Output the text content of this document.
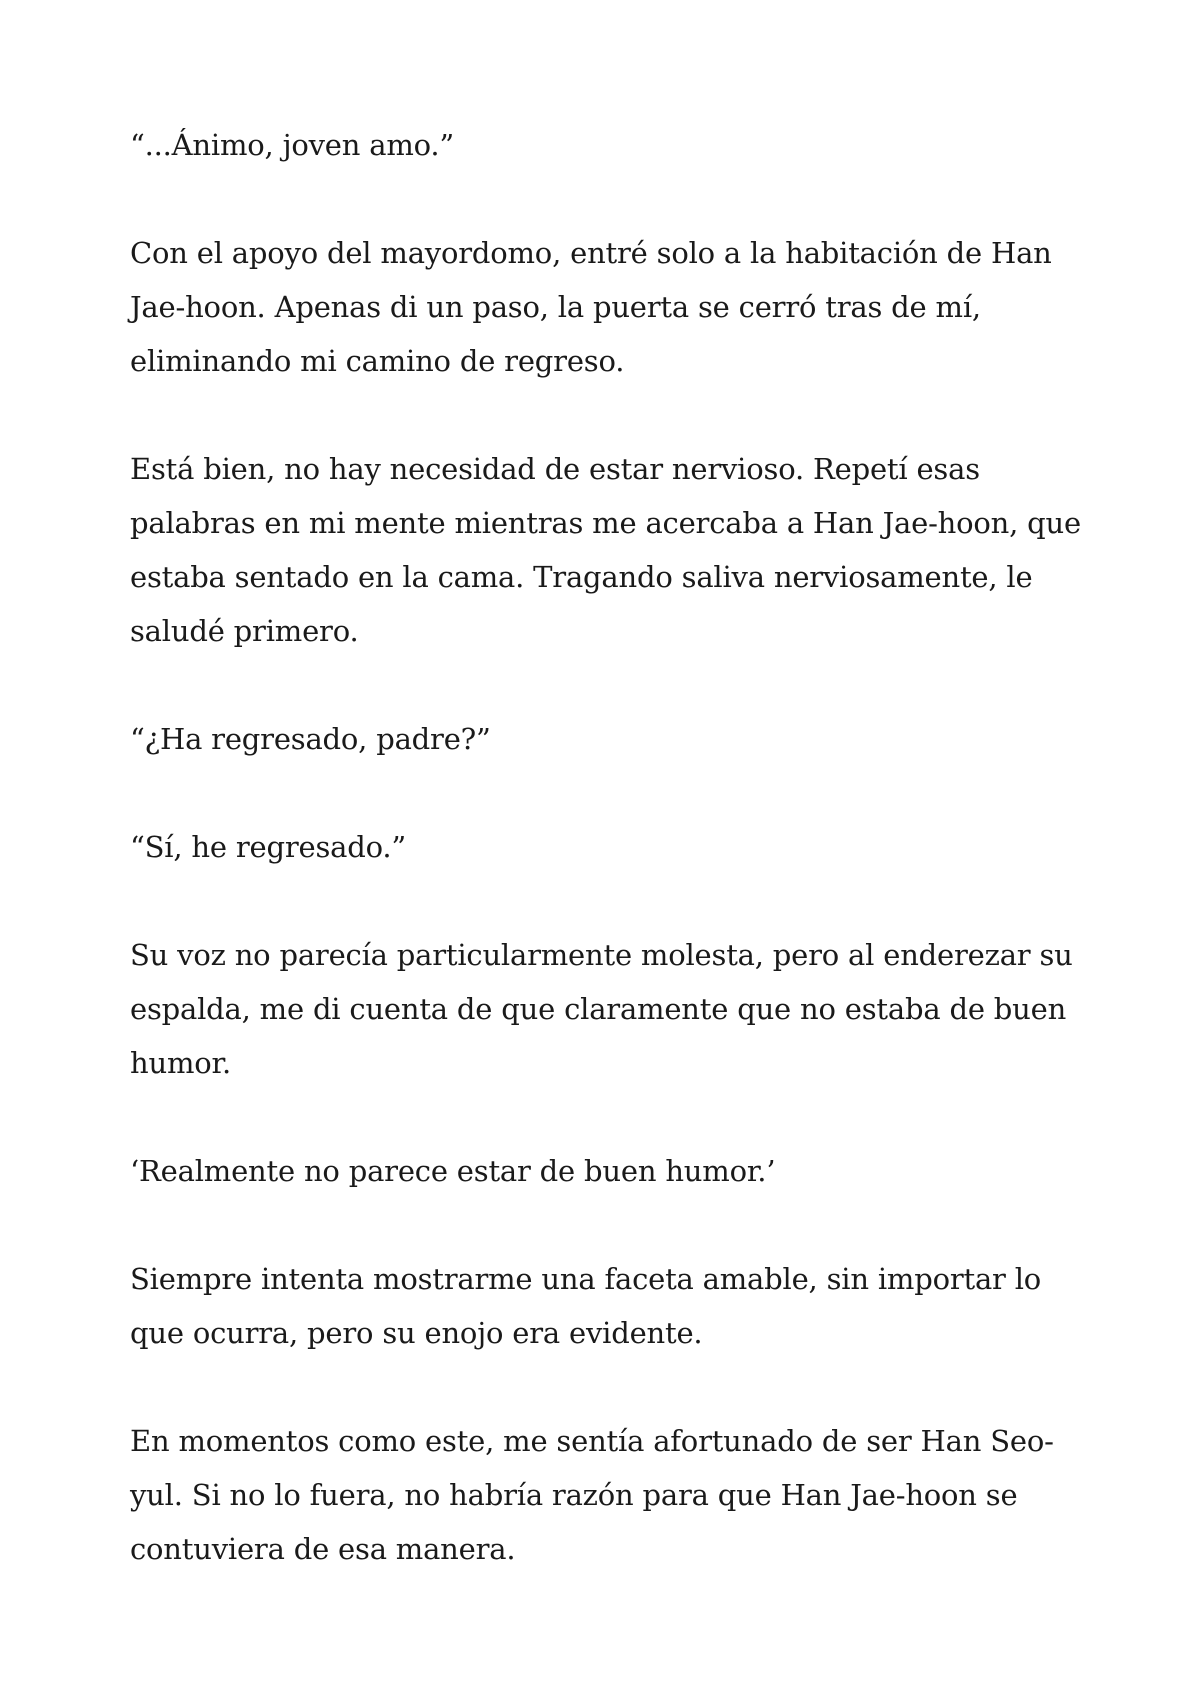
“...Ánimo, joven amo.”

Con el apoyo del mayordomo, entré solo a la habitación de Han Jae-hoon. Apenas di un paso, la puerta se cerró tras de mí, eliminando mi camino de regreso.

Está bien, no hay necesidad de estar nervioso. Repetí esas palabras en mi mente mientras me acercaba a Han Jae-hoon, que estaba sentado en la cama. Tragando saliva nerviosamente, le saludé primero.

“¿Ha regresado, padre?”

“Sí, he regresado.”

Su voz no parecía particularmente molesta, pero al enderezar su espalda, me di cuenta de que claramente que no estaba de buen humor.

‘Realmente no parece estar de buen humor.’

Siempre intenta mostrarme una faceta amable, sin importar lo que ocurra, pero su enojo era evidente.

En momentos como este, me sentía afortunado de ser Han Seo-yul. Si no lo fuera, no habría razón para que Han Jae-hoon se contuviera de esa manera.
